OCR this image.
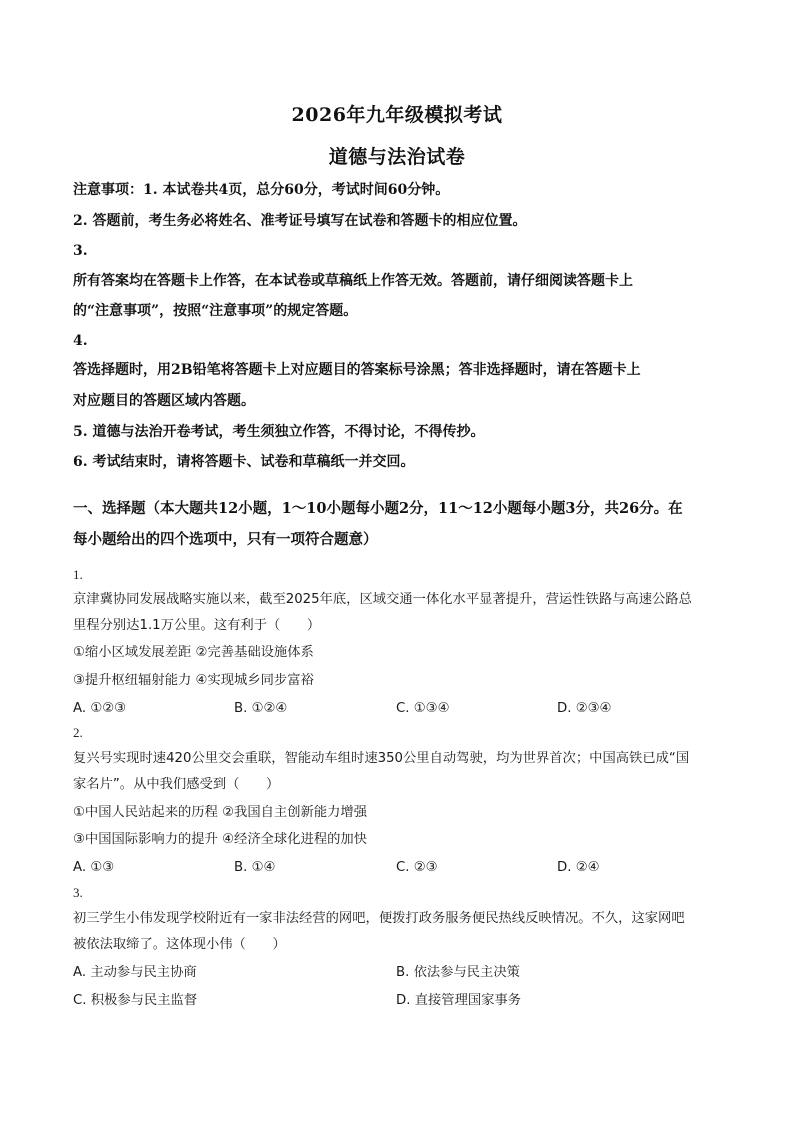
2026年九年级模拟考试
道德与法治试卷
注意事项：1. 本试卷共4页，总分60分，考试时间60分钟。
2. 答题前，考生务必将姓名、准考证号填写在试卷和答题卡的相应位置。
3.
所有答案均在答题卡上作答，在本试卷或草稿纸上作答无效。答题前，请仔细阅读答题卡上
的“注意事项”，按照“注意事项”的规定答题。
4.
答选择题时，用2B铅笔将答题卡上对应题目的答案标号涂黑；答非选择题时，请在答题卡上
对应题目的答题区域内答题。
5. 道德与法治开卷考试，考生须独立作答，不得讨论，不得传抄。
6. 考试结束时，请将答题卡、试卷和草稿纸一并交回。
一、选择题（本大题共12小题，1～10小题每小题2分，11～12小题每小题3分，共26分。在
每小题给出的四个选项中，只有一项符合题意）
1.
京津冀协同发展战略实施以来，截至2025年底，区域交通一体化水平显著提升，营运性铁路与高速公路总
里程分别达1.1万公里。这有利于（　　）
①缩小区域发展差距 ②完善基础设施体系
③提升枢纽辐射能力 ④实现城乡同步富裕
A. ①②③	B. ①②④	C. ①③④	D. ②③④
2.
复兴号实现时速420公里交会重联，智能动车组时速350公里自动驾驶，均为世界首次；中国高铁已成“国
家名片”。从中我们感受到（　　）
①中国人民站起来的历程 ②我国自主创新能力增强
③中国国际影响力的提升 ④经济全球化进程的加快
A. ①③	B. ①④	C. ②③	D. ②④
3.
初三学生小伟发现学校附近有一家非法经营的网吧，便拨打政务服务便民热线反映情况。不久，这家网吧
被依法取缔了。这体现小伟（　　）
A. 主动参与民主协商	B. 依法参与民主决策
C. 积极参与民主监督	D. 直接管理国家事务
